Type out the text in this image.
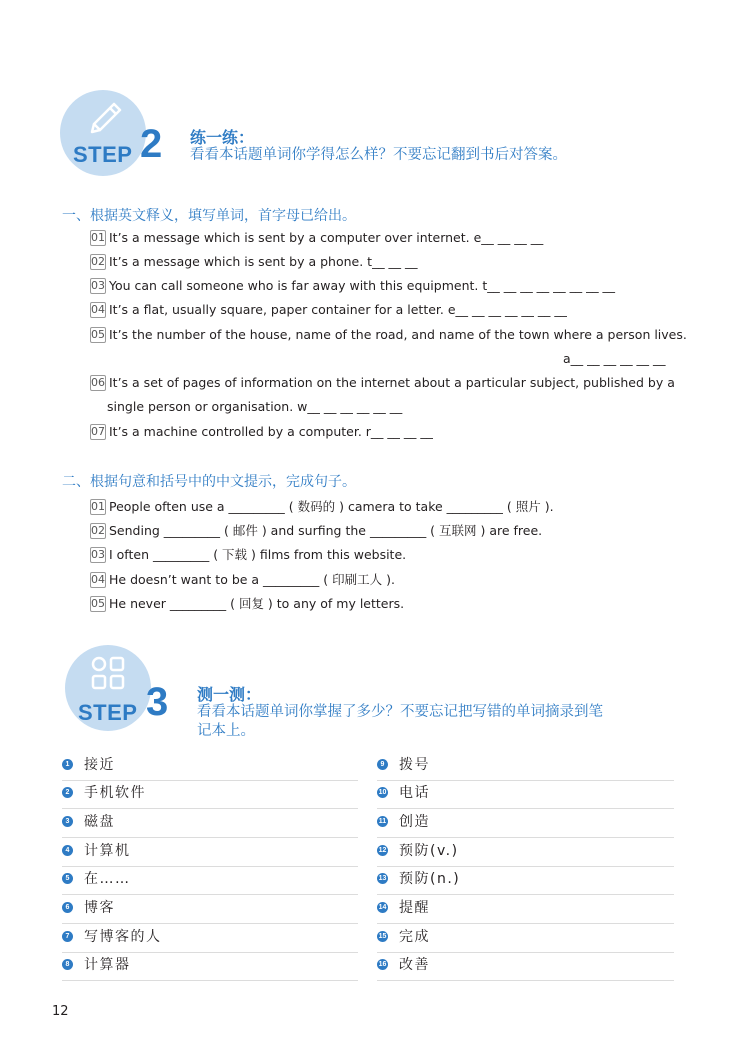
STEP 2 练一练：
看看本话题单词你学得怎么样？不要忘记翻到书后对答案。
一、根据英文释义，填写单词，首字母已给出。
01 It’s a message which is sent by a computer over internet. e__ __ __ __
02 It’s a message which is sent by a phone. t__ __ __
03 You can call someone who is far away with this equipment. t__ __ __ __ __ __ __ __
04 It’s a flat, usually square, paper container for a letter. e__ __ __ __ __ __ __
05 It’s the number of the house, name of the road, and name of the town where a person lives.
a__ __ __ __ __ __
06 It’s a set of pages of information on the internet about a particular subject, published by a
single person or organisation. w__ __ __ __ __ __
07 It’s a machine controlled by a computer. r__ __ __ __
二、根据句意和括号中的中文提示，完成句子。
01 People often use a _________ ( 数码的 ) camera to take _________ ( 照片 ).
02 Sending _________ ( 邮件 ) and surfing the _________ ( 互联网 ) are free.
03 I often _________ ( 下载 ) films from this website.
04 He doesn’t want to be a _________ ( 印刷工人 ).
05 He never _________ ( 回复 ) to any of my letters.
STEP 3 测一测：
看看本话题单词你掌握了多少？不要忘记把写错的单词摘录到笔
记本上。
1 接近
2 手机软件
3 磁盘
4 计算机
5 在……
6 博客
7 写博客的人
8 计算器
9 拨号
10 电话
11 创造
12 预防(v.)
13 预防(n.)
14 提醒
15 完成
16 改善
12
